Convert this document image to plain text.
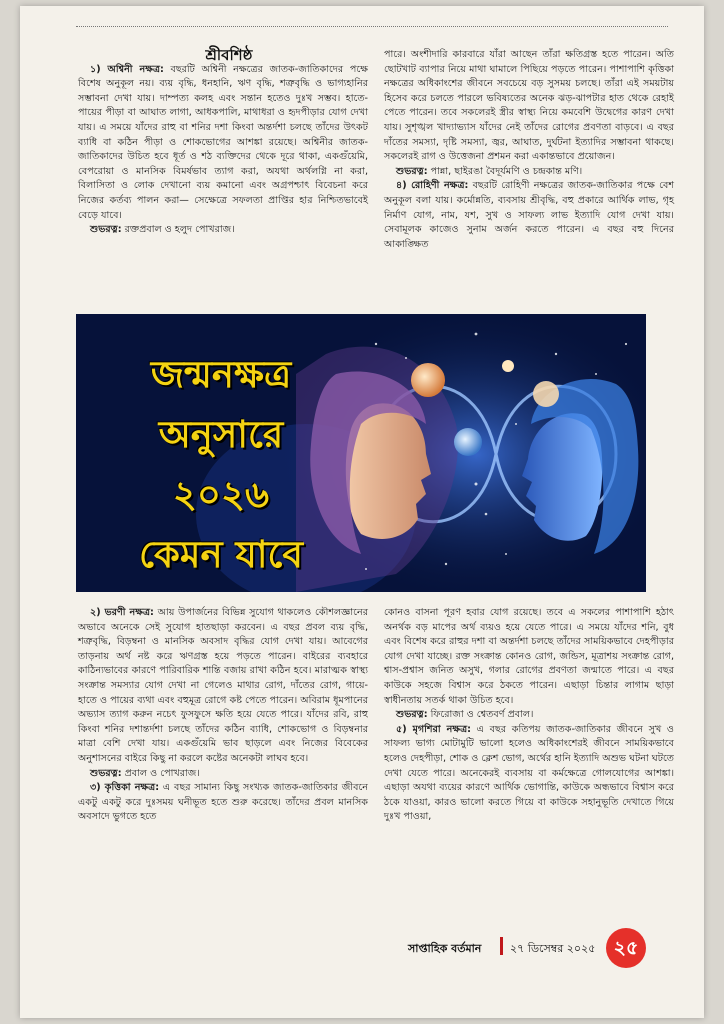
শ্রীবশিষ্ঠ

১) অশ্বিনী নক্ষত্র: বছরটি অশ্বিনী নক্ষত্রের জাতক-জাতিকাদের পক্ষে বিশেষ অনুকূল নয়। ব্যয় বৃদ্ধি, ধনহানি, ঋণ বৃদ্ধি, শত্রুবৃদ্ধি ও ভাগ্যহানির সম্ভাবনা দেখা যায়। দাম্পত্য কলহ এবং সন্তান হতেও দুঃখ সম্ভব। হাতে-পায়ের পীড়া বা আঘাত লাগা, আধকপালি, মাথাধরা ও হৃদপীড়ার যোগ দেখা যায়। এ সময়ে যাঁদের রাহু বা শনির দশা কিংবা অন্তর্দশা চলছে তাঁদের উৎকট ব্যাধি বা কঠিন পীড়া ও শোকভোগের আশঙ্কা রয়েছে। অশ্বিনীর জাতক-জাতিকাদের উচিত হবে ধূর্ত ও শঠ ব্যক্তিদের থেকে দূরে থাকা, একগুঁয়েমি, বেপরোয়া ও মানসিক বিমর্ষভাব ত্যাগ করা, অযথা অর্থলগ্নি না করা, বিলাসিতা ও লোক দেখানো ব্যয় কমানো এবং অগ্রপশ্চাৎ বিবেচনা করে নিজের কর্তব্য পালন করা— সেক্ষেত্রে সফলতা প্রাপ্তির হার নিশ্চিতভাবেই বেড়ে যাবে।

শুভরত্ন: রক্তপ্রবাল ও হলুদ পোখরাজ।

পারে। অংশীদারি কারবারে যাঁরা আছেন তাঁরা ক্ষতিগ্রস্ত হতে পারেন। অতি ছোটখাট ব্যাপার নিয়ে মাথা ঘামালে পিছিয়ে পড়তে পারেন। পাশাপাশি কৃত্তিকা নক্ষত্রের অধিকাংশের জীবনে সবচেয়ে বড় সুসময় চলছে। তাঁরা এই সময়টায় হিসেব করে চলতে পারলে ভবিষ্যতের অনেক ঝড়-ঝাপটার হাত থেকে রেহাই পেতে পারেন। তবে সকলেরই স্ত্রীর স্বাস্থ্য নিয়ে কমবেশি উদ্বেগের কারণ দেখা যায়। সুশৃঙ্খল খাদ্যাভ্যাস যাঁদের নেই তাঁদের রোগের প্রবণতা বাড়বে। এ বছর দাঁতের সমস্যা, দৃষ্টি সমস্যা, জ্বর, আঘাত, দুর্ঘটনা ইত্যাদির সম্ভাবনা থাকছে। সকলেরই রাগ ও উত্তেজনা প্রশমন করা একান্তভাবে প্রয়োজন।

শুভরত্ন: পান্না, ছাইরঙা বৈদূর্যমণি ও চন্দ্রকান্ত মণি।

৪) রোহিণী নক্ষত্র: বছরটি রোহিণী নক্ষত্রের জাতক-জাতিকার পক্ষে বেশ অনুকূল বলা যায়। কর্মোন্নতি, ব্যবসায় শ্রীবৃদ্ধি, বহু প্রকারে আর্থিক লাভ, গৃহ নির্মাণ যোগ, নাম, যশ, সুখ ও সাফল্য লাভ ইত্যাদি যোগ দেখা যায়। সেবামূলক কাজেও সুনাম অর্জন করতে পারেন। এ বছর বহু দিনের আকাঙ্ক্ষিত

২) ভরণী নক্ষত্র: আয় উপার্জনের বিভিন্ন সুযোগ থাকলেও কৌশলজ্ঞানের অভাবে অনেকে সেই সুযোগ হাতছাড়া করবেন। এ বছর প্রবল ব্যয় বৃদ্ধি, শত্রুবৃদ্ধি, বিড়ম্বনা ও মানসিক অবসাদ বৃদ্ধির যোগ দেখা যায়। আবেগের তাড়নায় অর্থ নষ্ট করে ঋণগ্রস্ত হয়ে পড়তে পারেন। বাইরের ব্যবহারে কাঠিন্যভাবের কারণে পারিবারিক শান্তি বজায় রাখা কঠিন হবে। মারাত্মক স্বাস্থ্য সংক্রান্ত সমস্যার যোগ দেখা না গেলেও মাথার রোগ, দাঁতের রোগ, গায়ে-হাতে ও পায়ের ব্যথা এবং বহুমূত্র রোগে কষ্ট পেতে পারেন। অবিরাম ধূমপানের অভ্যাস ত্যাগ করুন নচেৎ ফুসফুসে ক্ষতি হয়ে যেতে পারে। যাঁদের রবি, রাহু কিংবা শনির দশান্তর্দশা চলছে তাঁদের কঠিন ব্যাধি, শোকভোগ ও বিড়ম্বনার মাত্রা বেশি দেখা যায়। একগুঁয়েমি ভাব ছাড়লে এবং নিজের বিবেকের অনুশাসনের বাইরে কিছু না করলে কষ্টের অনেকটা লাঘব হবে।

শুভরত্ন: প্রবাল ও পোখরাজ।

৩) কৃত্তিকা নক্ষত্র: এ বছর সামান্য কিছু সংখ্যক জাতক-জাতিকার জীবনে একটু একটু করে দুঃসময় ঘনীভূত হতে শুরু করেছে। তাঁদের প্রবল মানসিক অবসাদে ভুগতে হতে

কোনও বাসনা পূরণ হবার যোগ রয়েছে। তবে এ সকলের পাশাপাশি হঠাৎ অনর্থক বড় মাপের অর্থ ব্যয়ও হয়ে যেতে পারে। এ সময়ে যাঁদের শনি, বুধ এবং বিশেষ করে রাহুর দশা বা অন্তর্দশা চলছে তাঁদের সাময়িকভাবে দেহপীড়ার যোগ দেখা যাচ্ছে। রক্ত সংক্রান্ত কোনও রোগ, জন্ডিস, মূত্রাশয় সংক্রান্ত রোগ, শ্বাস-প্রশ্বাস জনিত অসুখ, গলার রোগের প্রবণতা জন্মাতে পারে। এ বছর কাউকে সহজে বিশ্বাস করে ঠকতে পারেন। এছাড়া চিন্তার লাগাম ছাড়া স্বাধীনতায় সতর্ক থাকা উচিত হবে।

শুভরত্ন: ফিরোজা ও শ্বেতবর্ণ প্রবাল।

৫) মৃগশিরা নক্ষত্র: এ বছর কতিপয় জাতক-জাতিকার জীবনে সুখ ও সাফল্য ভাগ্য মোটামুটি ভালো হলেও অধিকাংশেরই জীবনে সাময়িকভাবে হলেও দেহপীড়া, শোক ও ক্লেশ ভোগ, অর্থের হানি ইত্যাদি অশুভ ঘটনা ঘটতে দেখা যেতে পারে। অনেকেরই ব্যবসায় বা কর্মক্ষেত্রে গোলযোগের আশঙ্কা। এছাড়া অযথা ব্যয়ের কারণে আর্থিক ভোগান্তি, কাউকে অন্ধভাবে বিশ্বাস করে ঠকে যাওয়া, কারও ভালো করতে গিয়ে বা কাউকে সহানুভূতি দেখাতে গিয়ে দুঃখ পাওয়া,

জন্মনক্ষত্র
অনুসারে
২০২৬
কেমন যাবে
সাপ্তাহিক বর্তমান	২৭ ডিসেম্বর ২০২৫ ২৫
